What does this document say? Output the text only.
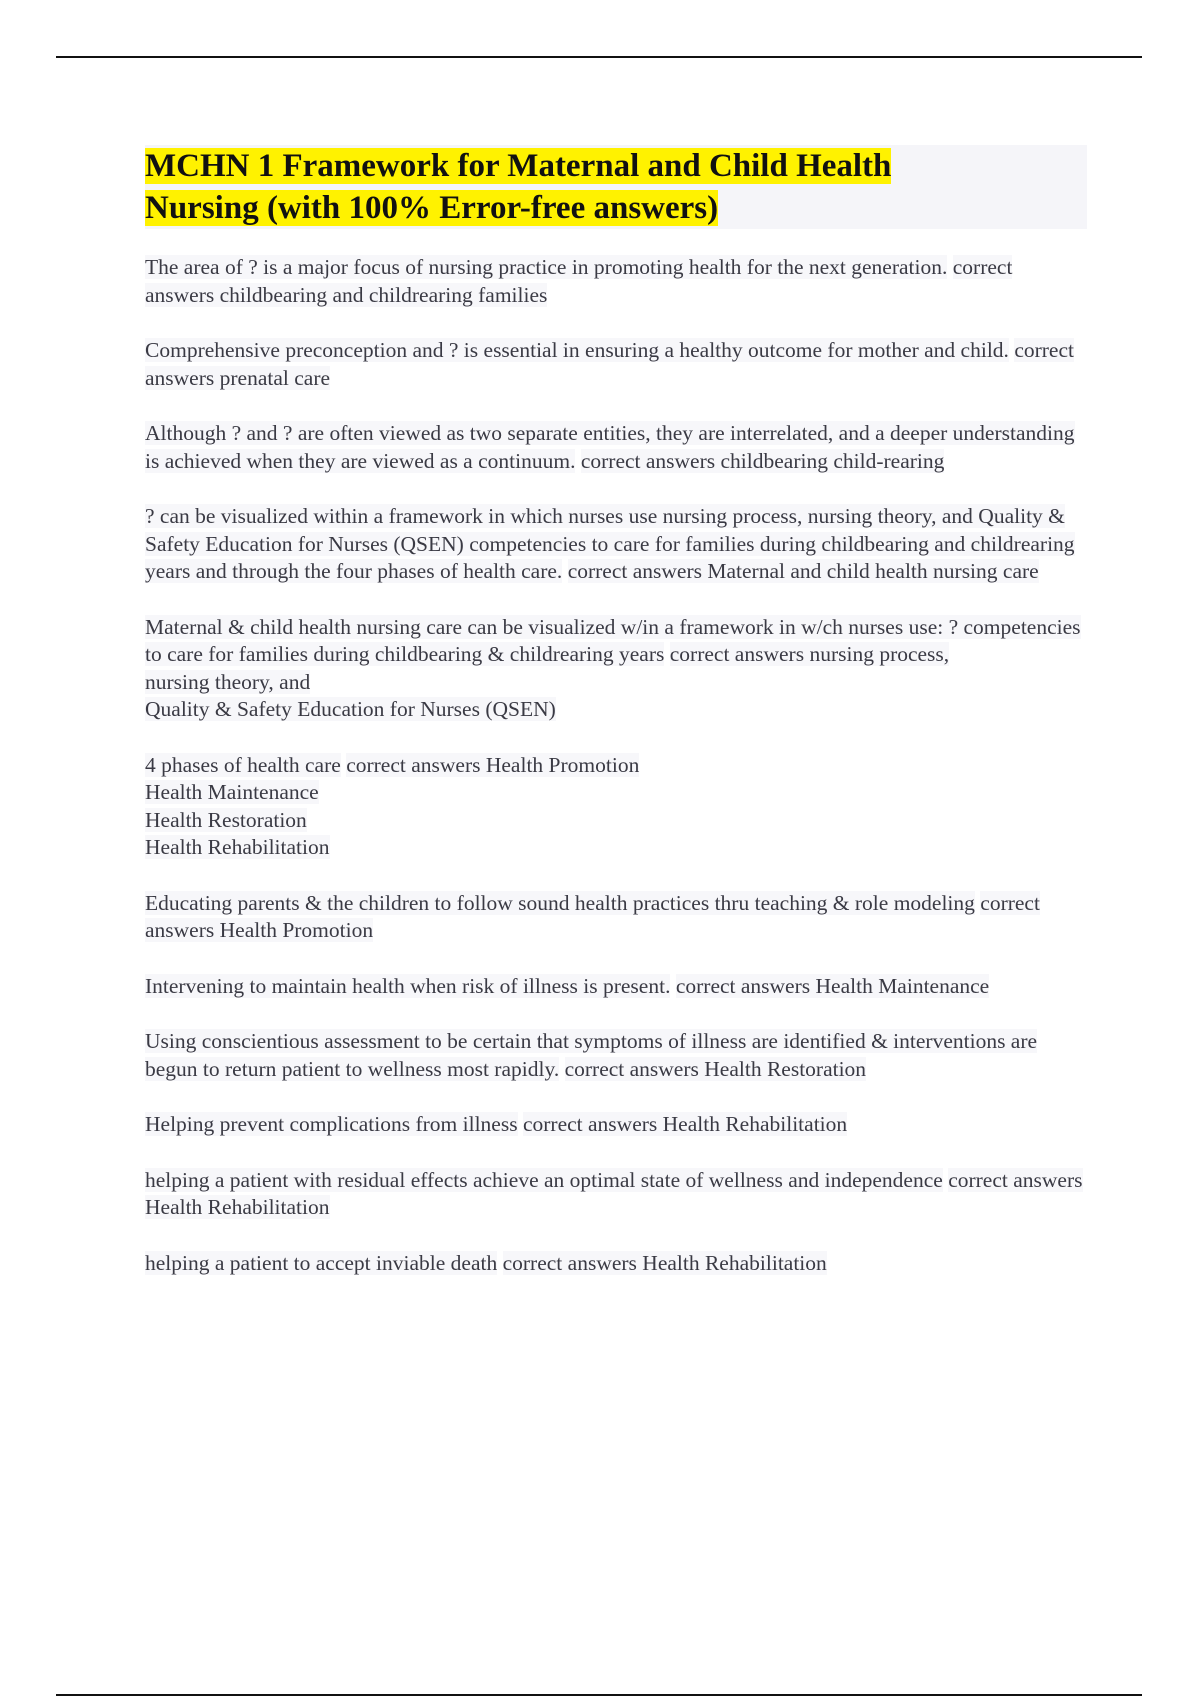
MCHN 1 Framework for Maternal and Child Health
Nursing (with 100% Error-free answers)

The area of ? is a major focus of nursing practice in promoting health for the next generation. correct answers childbearing and childrearing families

Comprehensive preconception and ? is essential in ensuring a healthy outcome for mother and child. correct answers prenatal care

Although ? and ? are often viewed as two separate entities, they are interrelated, and a deeper understanding is achieved when they are viewed as a continuum. correct answers childbearing child-rearing

? can be visualized within a framework in which nurses use nursing process, nursing theory, and Quality & Safety Education for Nurses (QSEN) competencies to care for families during childbearing and childrearing years and through the four phases of health care. correct answers Maternal and child health nursing care

Maternal & child health nursing care can be visualized w/in a framework in w/ch nurses use: ? competencies to care for families during childbearing & childrearing years correct answers nursing process,
nursing theory, and
Quality & Safety Education for Nurses (QSEN)

4 phases of health care correct answers Health Promotion
Health Maintenance
Health Restoration
Health Rehabilitation

Educating parents & the children to follow sound health practices thru teaching & role modeling correct answers Health Promotion

Intervening to maintain health when risk of illness is present. correct answers Health Maintenance

Using conscientious assessment to be certain that symptoms of illness are identified & interventions are begun to return patient to wellness most rapidly. correct answers Health Restoration

Helping prevent complications from illness correct answers Health Rehabilitation

helping a patient with residual effects achieve an optimal state of wellness and independence correct answers Health Rehabilitation

helping a patient to accept inviable death correct answers Health Rehabilitation
